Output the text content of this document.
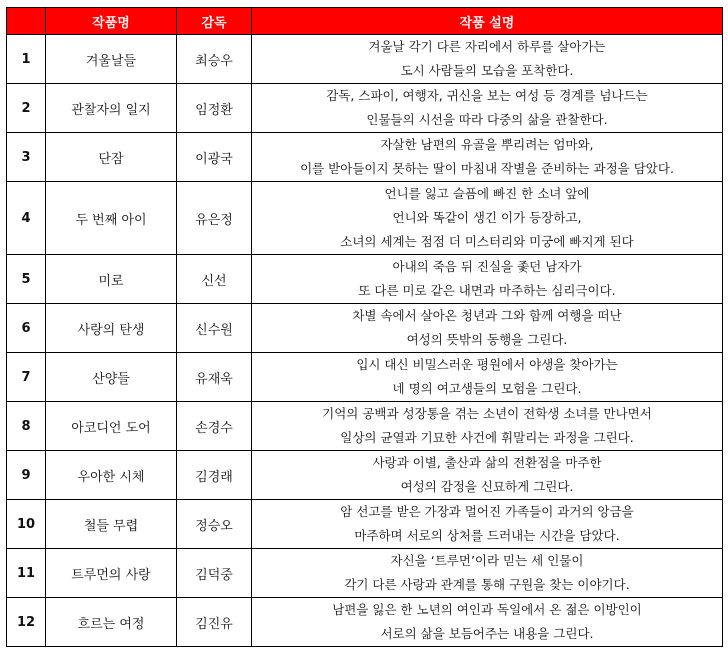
	작품명	감독	작품 설명
1	겨울날들	최승우	겨울날 각기 다른 자리에서 하루를 살아가는
도시 사람들의 모습을 포착한다.

2	관찰자의 일지	임정환	감독, 스파이, 여행자, 귀신을 보는 여성 등 경계를 넘나드는
인물들의 시선을 따라 다중의 삶을 관찰한다.

3	단잠	이광국	자살한 남편의 유골을 뿌리려는 엄마와,
이를 받아들이지 못하는 딸이 마침내 작별을 준비하는 과정을 담았다.

4	두 번째 아이	유은정	언니를 잃고 슬픔에 빠진 한 소녀 앞에
언니와 똑같이 생긴 이가 등장하고,
소녀의 세계는 점점 더 미스터리와 미궁에 빠지게 된다

5	미로	신선	아내의 죽음 뒤 진실을 좇던 남자가
또 다른 미로 같은 내면과 마주하는 심리극이다.

6	사랑의 탄생	신수원	차별 속에서 살아온 청년과 그와 함께 여행을 떠난
여성의 뜻밖의 동행을 그린다.

7	산양들	유재욱	입시 대신 비밀스러운 평원에서 야생을 찾아가는
네 명의 여고생들의 모험을 그린다.

8	아코디언 도어	손경수	기억의 공백과 성장통을 겪는 소년이 전학생 소녀를 만나면서
일상의 균열과 기묘한 사건에 휘말리는 과정을 그린다.

9	우아한 시체	김경래	사랑과 이별, 출산과 삶의 전환점을 마주한
여성의 감정을 신묘하게 그린다.

10	철들 무렵	정승오	암 선고를 받은 가장과 멀어진 가족들이 과거의 앙금을
마주하며 서로의 상처를 드러내는 시간을 담았다.

11	트루먼의 사랑	김덕중	자신을 ‘트루먼’이라 믿는 세 인물이
각기 다른 사랑과 관계를 통해 구원을 찾는 이야기다.

12	흐르는 여정	김진유	남편을 잃은 한 노년의 여인과 독일에서 온 젊은 이방인이
서로의 삶을 보듬어주는 내용을 그린다.
